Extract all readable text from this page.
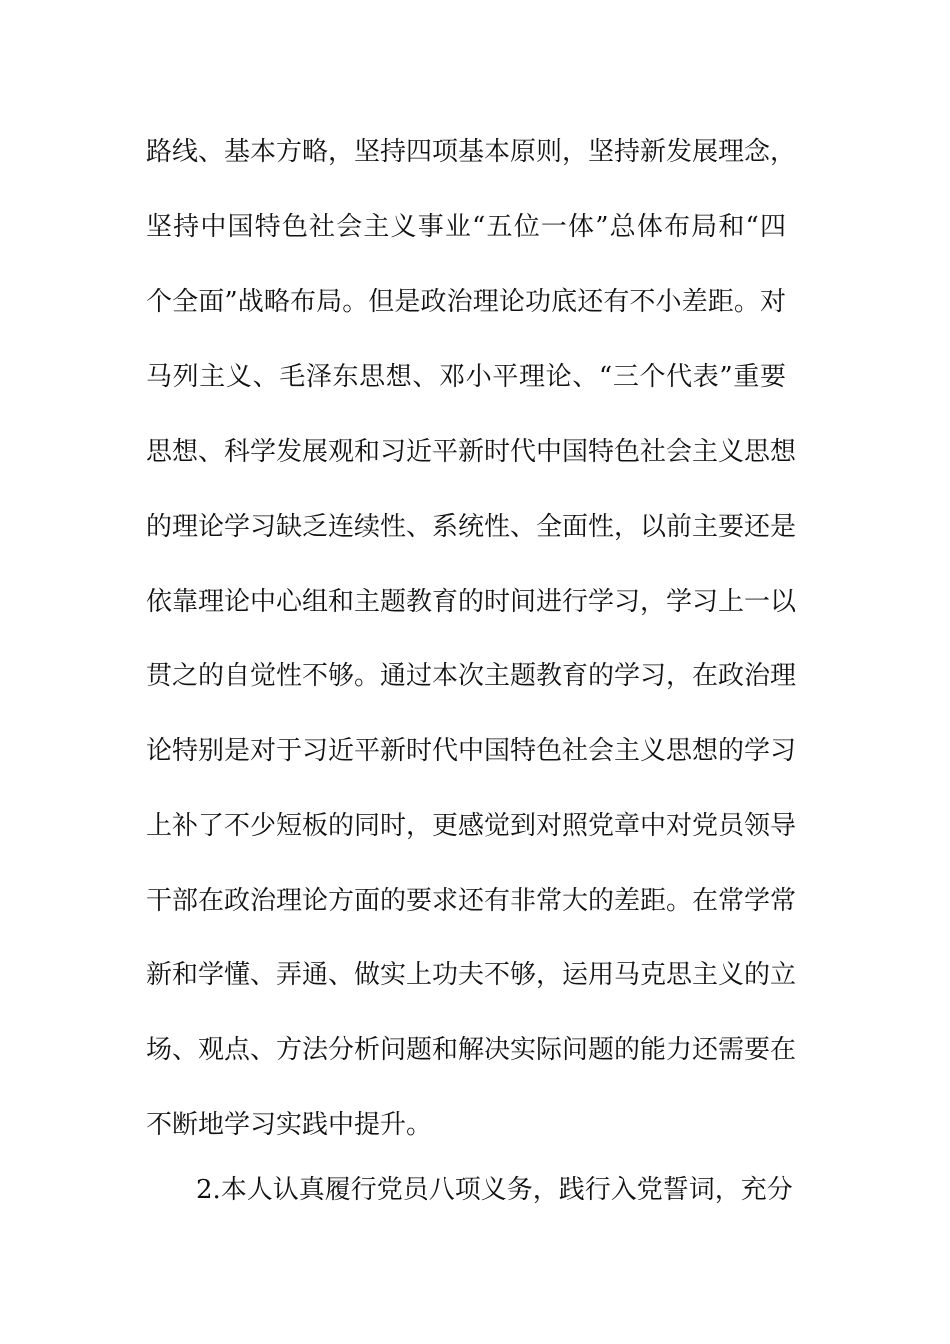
路线、基本方略，坚持四项基本原则，坚持新发展理念，
坚持中国特色社会主义事业“五位一体”总体布局和“四
个全面”战略布局。但是政治理论功底还有不小差距。对
马列主义、毛泽东思想、邓小平理论、“三个代表”重要
思想、科学发展观和习近平新时代中国特色社会主义思想
的理论学习缺乏连续性、系统性、全面性，以前主要还是
依靠理论中心组和主题教育的时间进行学习，学习上一以
贯之的自觉性不够。通过本次主题教育的学习，在政治理
论特别是对于习近平新时代中国特色社会主义思想的学习
上补了不少短板的同时，更感觉到对照党章中对党员领导
干部在政治理论方面的要求还有非常大的差距。在常学常
新和学懂、弄通、做实上功夫不够，运用马克思主义的立
场、观点、方法分析问题和解决实际问题的能力还需要在
不断地学习实践中提升。
2.本人认真履行党员八项义务，践行入党誓词，充分
